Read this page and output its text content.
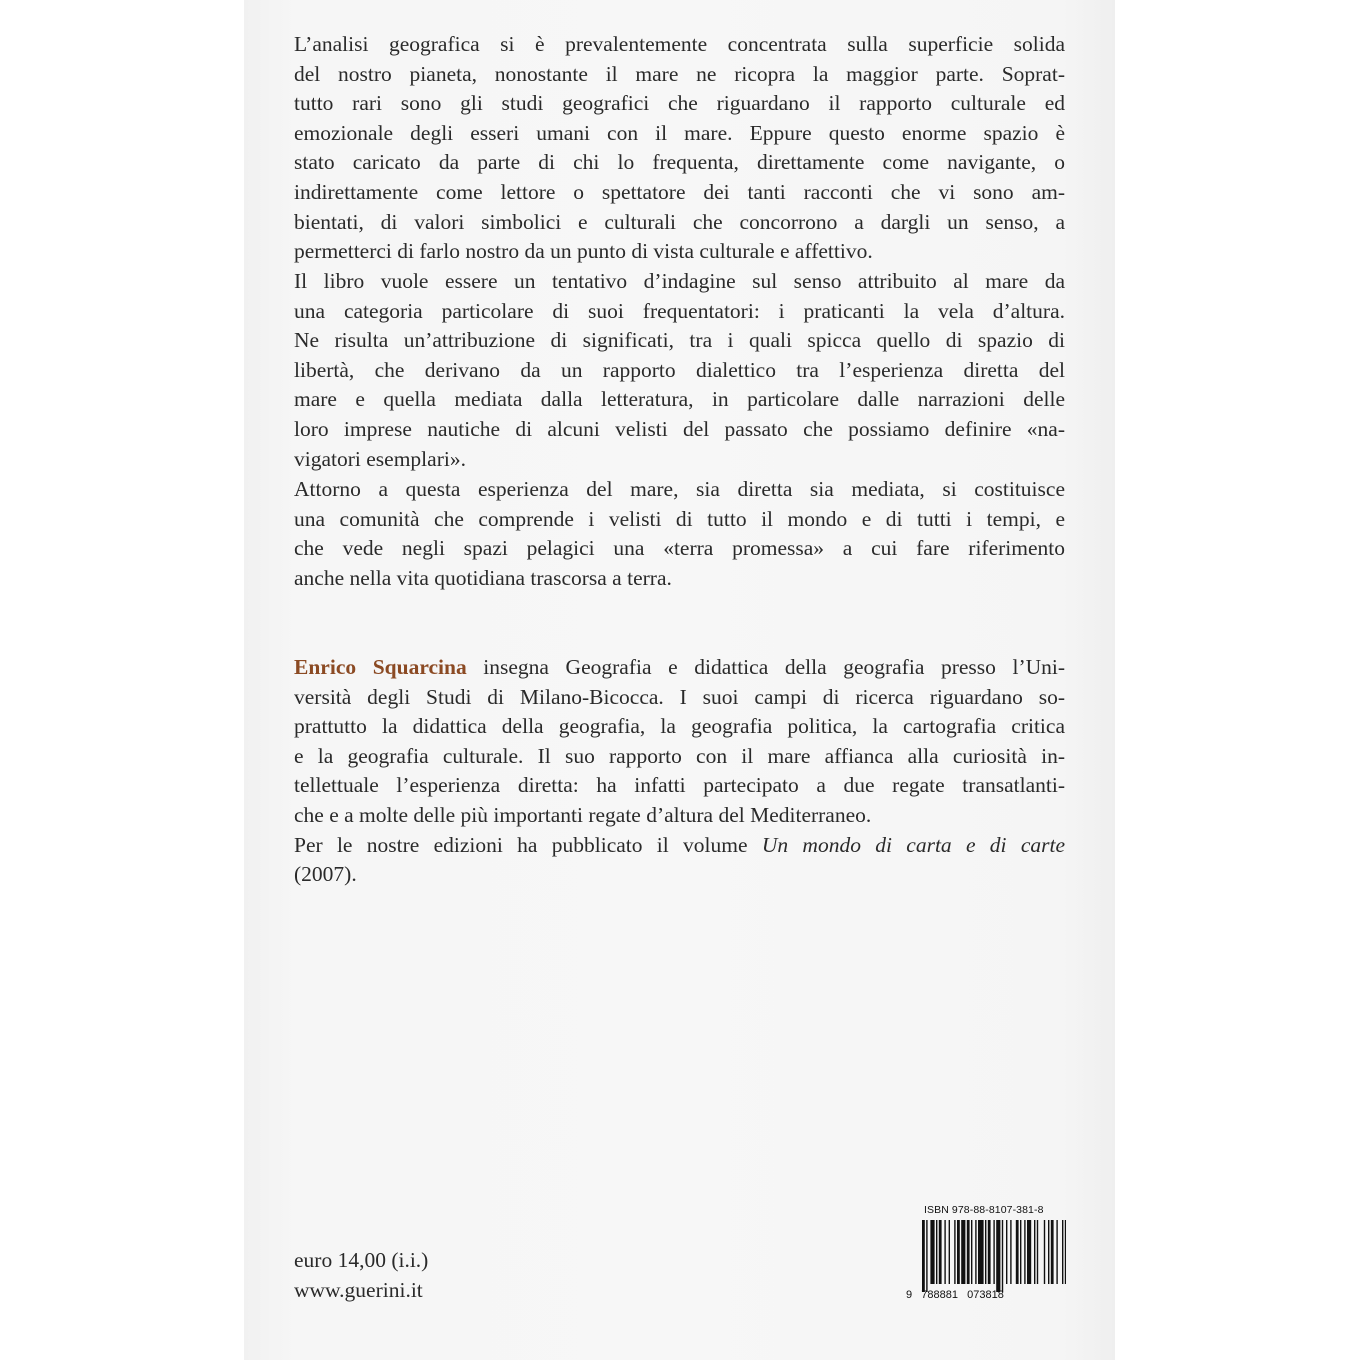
L’analisi geografica si è prevalentemente concentrata sulla superficie solida
del nostro pianeta, nonostante il mare ne ricopra la maggior parte. Soprat-
tutto rari sono gli studi geografici che riguardano il rapporto culturale ed
emozionale degli esseri umani con il mare. Eppure questo enorme spazio è
stato caricato da parte di chi lo frequenta, direttamente come navigante, o
indirettamente come lettore o spettatore dei tanti racconti che vi sono am-
bientati, di valori simbolici e culturali che concorrono a dargli un senso, a
permetterci di farlo nostro da un punto di vista culturale e affettivo.
Il libro vuole essere un tentativo d’indagine sul senso attribuito al mare da
una categoria particolare di suoi frequentatori: i praticanti la vela d’altura.
Ne risulta un’attribuzione di significati, tra i quali spicca quello di spazio di
libertà, che derivano da un rapporto dialettico tra l’esperienza diretta del
mare e quella mediata dalla letteratura, in particolare dalle narrazioni delle
loro imprese nautiche di alcuni velisti del passato che possiamo definire «na-
vigatori esemplari».
Attorno a questa esperienza del mare, sia diretta sia mediata, si costituisce
una comunità che comprende i velisti di tutto il mondo e di tutti i tempi, e
che vede negli spazi pelagici una «terra promessa» a cui fare riferimento
anche nella vita quotidiana trascorsa a terra.
Enrico Squarcina insegna Geografia e didattica della geografia presso l’Uni-
versità degli Studi di Milano-Bicocca. I suoi campi di ricerca riguardano so-
prattutto la didattica della geografia, la geografia politica, la cartografia critica
e la geografia culturale. Il suo rapporto con il mare affianca alla curiosità in-
tellettuale l’esperienza diretta: ha infatti partecipato a due regate transatlanti-
che e a molte delle più importanti regate d’altura del Mediterraneo.
Per le nostre edizioni ha pubblicato il volume Un mondo di carta e di carte
(2007).
euro 14,00 (i.i.)
www.guerini.it
ISBN 978-88-8107-381-8
9   788881   073818
